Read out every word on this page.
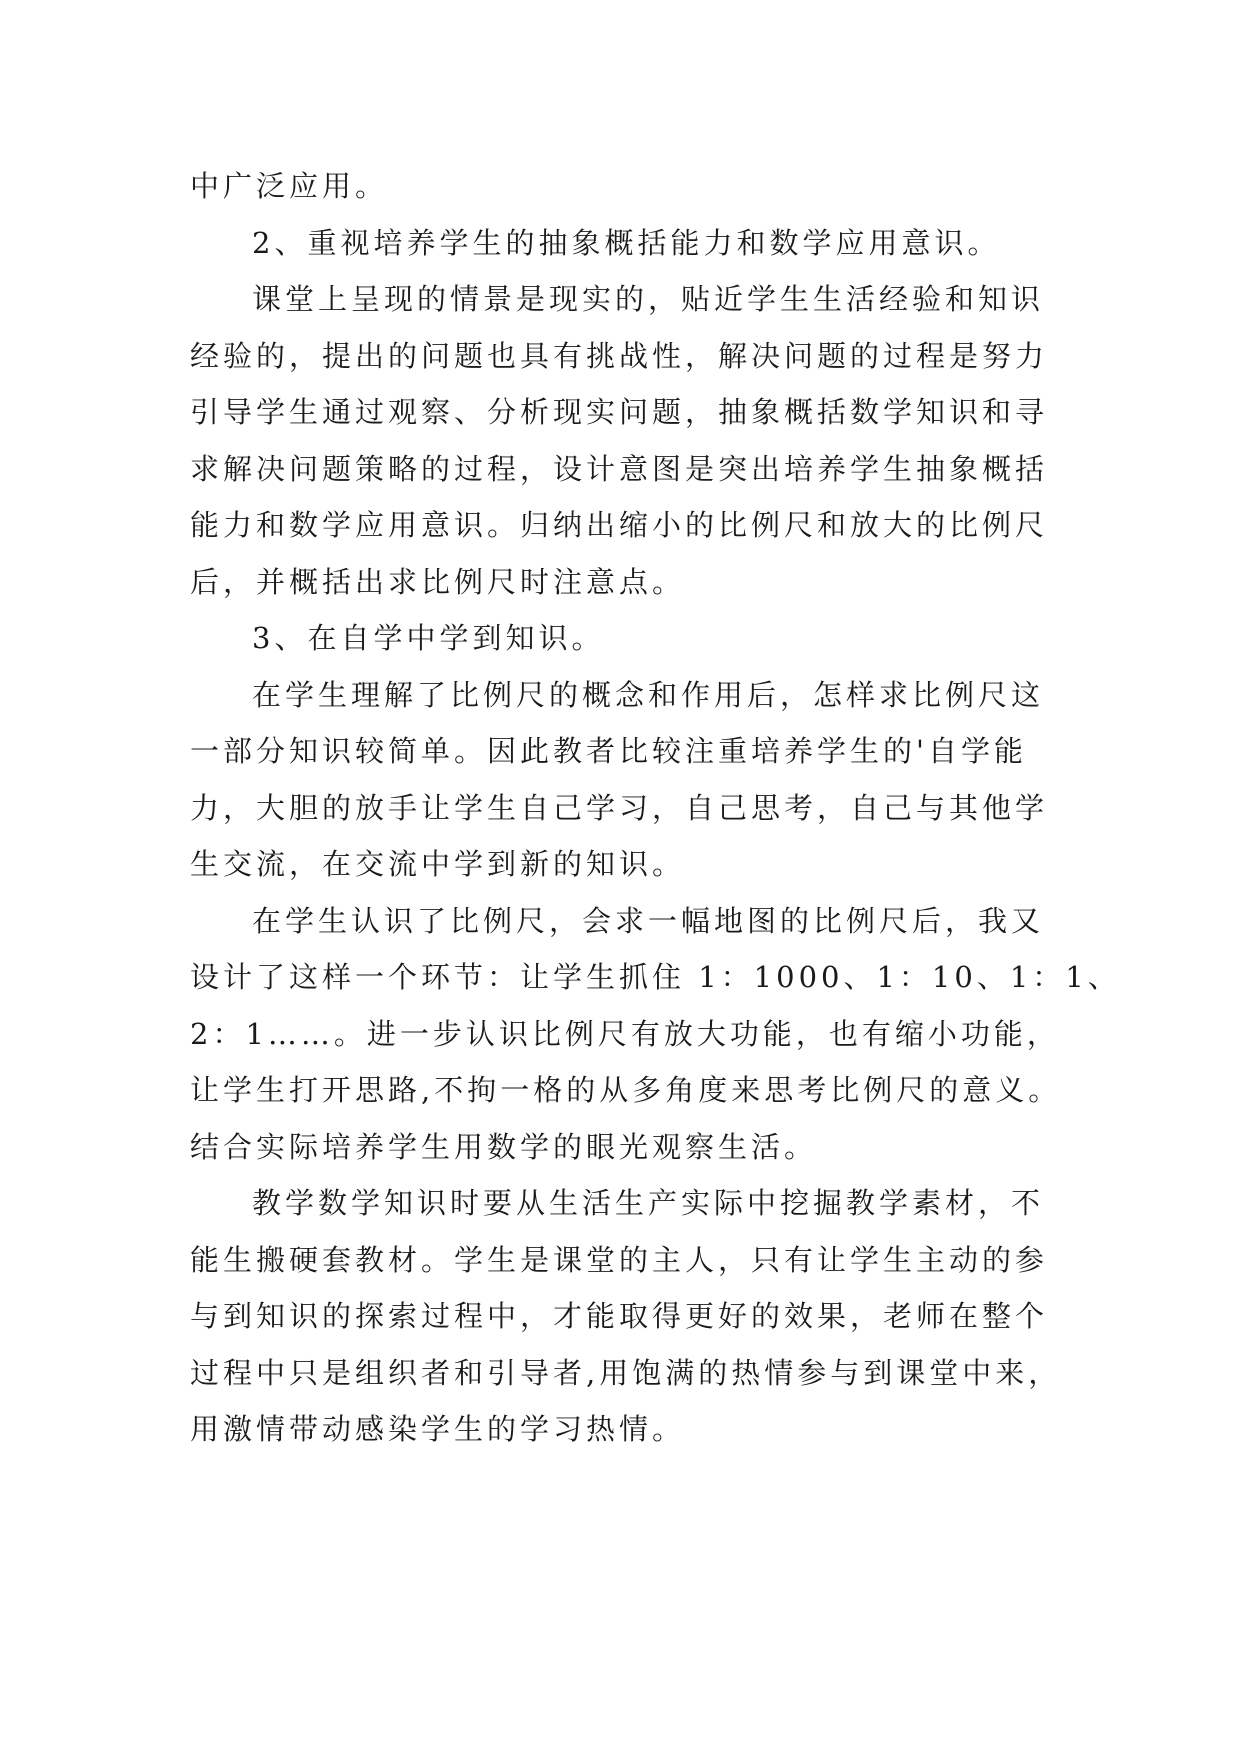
中广泛应用。
2、重视培养学生的抽象概括能力和数学应用意识。
课堂上呈现的情景是现实的，贴近学生生活经验和知识
经验的，提出的问题也具有挑战性，解决问题的过程是努力
引导学生通过观察、分析现实问题，抽象概括数学知识和寻
求解决问题策略的过程，设计意图是突出培养学生抽象概括
能力和数学应用意识。归纳出缩小的比例尺和放大的比例尺
后，并概括出求比例尺时注意点。
3、在自学中学到知识。
在学生理解了比例尺的概念和作用后，怎样求比例尺这
一部分知识较简单。因此教者比较注重培养学生的'自学能
力，大胆的放手让学生自己学习，自己思考，自己与其他学
生交流，在交流中学到新的知识。
在学生认识了比例尺，会求一幅地图的比例尺后，我又
设计了这样一个环节：让学生抓住 1：1000、1：10、1：1、
2：1……。进一步认识比例尺有放大功能，也有缩小功能，
让学生打开思路,不拘一格的从多角度来思考比例尺的意义。
结合实际培养学生用数学的眼光观察生活。
教学数学知识时要从生活生产实际中挖掘教学素材，不
能生搬硬套教材。学生是课堂的主人，只有让学生主动的参
与到知识的探索过程中，才能取得更好的效果，老师在整个
过程中只是组织者和引导者,用饱满的热情参与到课堂中来，
用激情带动感染学生的学习热情。
